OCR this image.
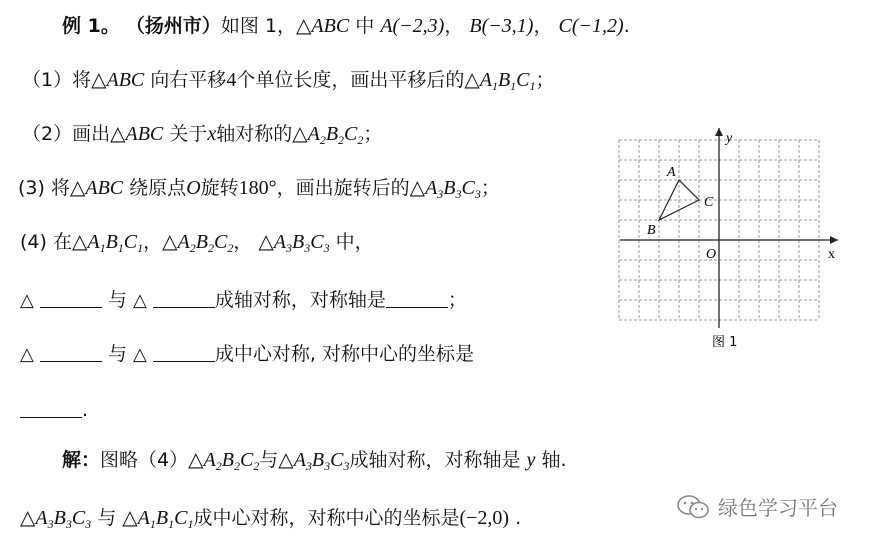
例 1。 （扬州市）如图 1，△ABC 中 A(−2,3)， B(−3,1)， C(−1,2).
（1）将△ABC 向右平移4个单位长度，画出平移后的$\triangle A_1B_1C_1$；
（2）画出△ABC 关于x轴对称的$\triangle A_2B_2C_2$；
(3) 将△ABC 绕原点O旋转180°，画出旋转后的$\triangle A_3B_3C_3$；
(4) 在$\triangle A_1B_1C_1$，$\triangle A_2B_2C_2$， $\triangle A_3B_3C_3$ 中，
△	与 △	成轴对称，对称轴是	；
△	与 △	成中心对称, 对称中心的坐标是
.
解：图略$(4)\triangle A_2B_2C_2$与$\triangle A_3B_3C_3$成轴对称，对称轴是 y 轴.
$\triangle A_3B_3C_3$ 与 $\triangle A_1B_1C_1$成中心对称，对称中心的坐标是(−2,0) .
x
y
O
A
B
C
图 1
绿色学习平台
